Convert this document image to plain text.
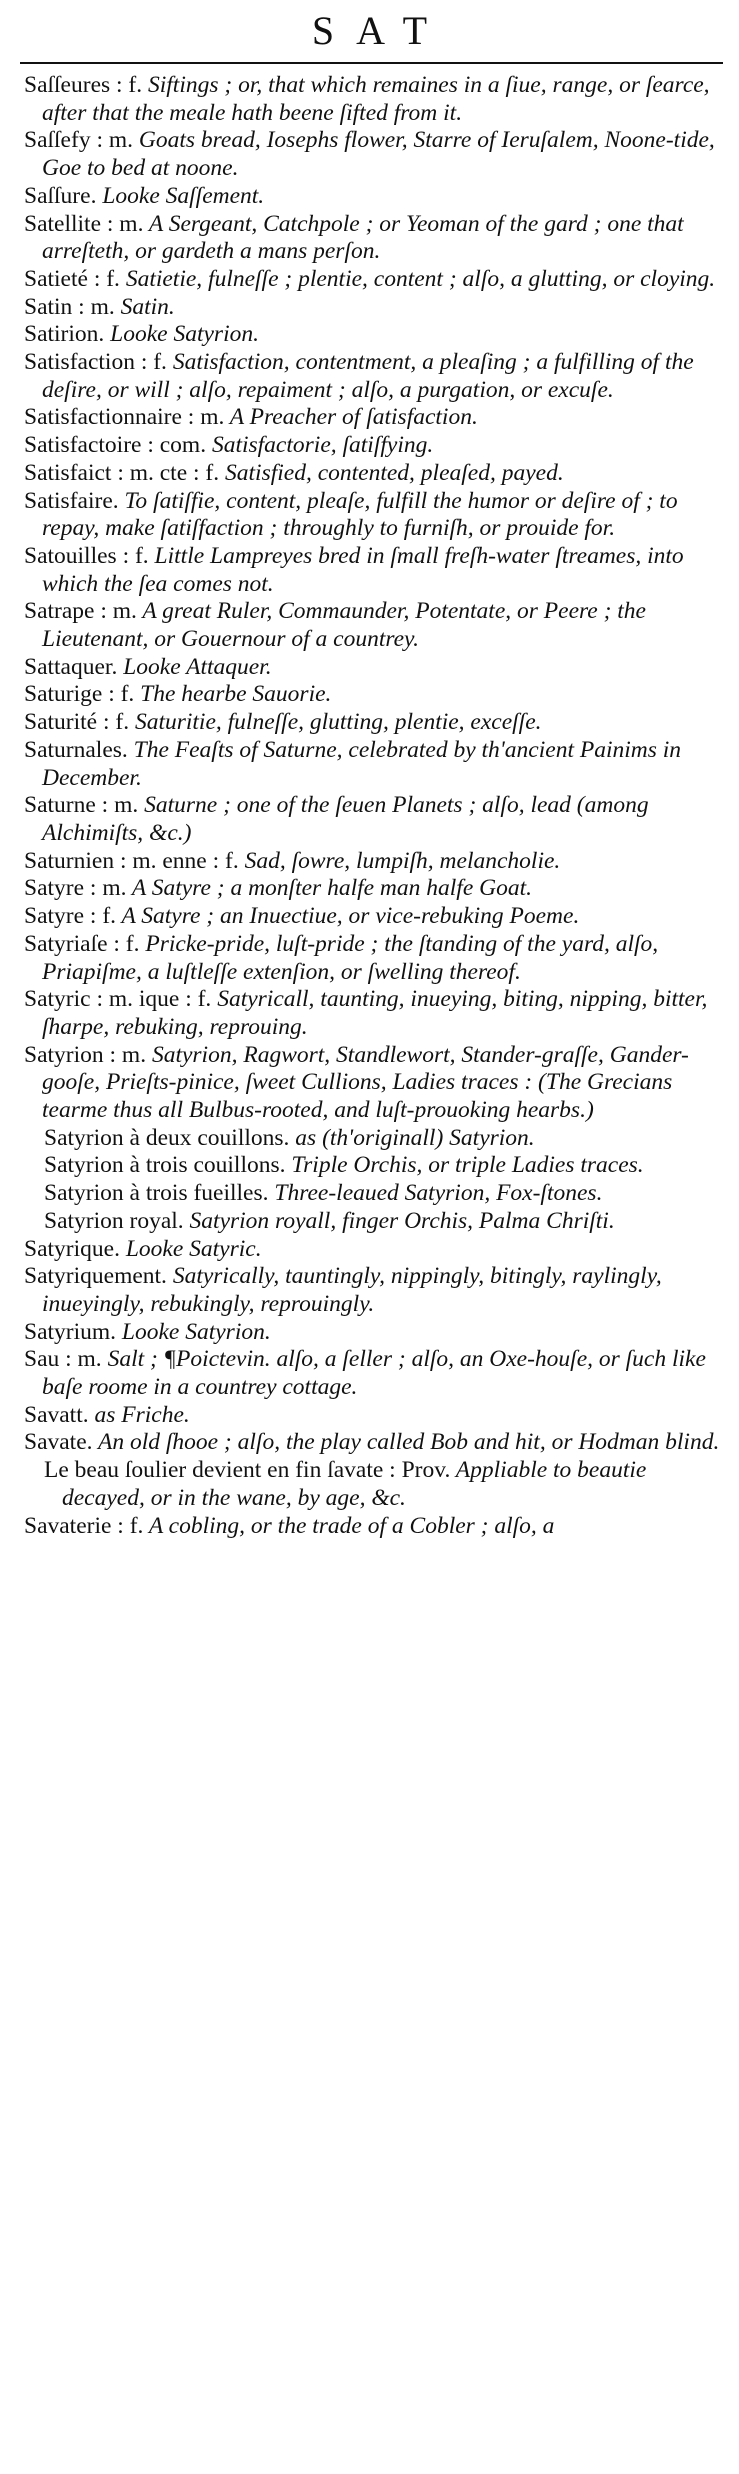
SAT

Saſſeures : f. Siftings ; or, that which remaines in a ſiue, range, or ſearce, after that the meale hath beene ſifted from it.

Saſſefy : m. Goats bread, Iosephs flower, Starre of Ieruſalem, Noone-tide, Goe to bed at noone.

Saſſure. Looke Saſſement.

Satellite : m. A Sergeant, Catchpole ; or Yeoman of the gard ; one that arreſteth, or gardeth a mans perſon.

Satieté : f. Satietie, fulneſſe ; plentie, content ; alſo, a glutting, or cloying.

Satin : m. Satin.

Satirion. Looke Satyrion.

Satisfaction : f. Satisfaction, contentment, a pleaſing ; a fulfilling of the deſire, or will ; alſo, repaiment ; alſo, a purgation, or excuſe.

Satisfactionnaire : m. A Preacher of ſatisfaction.

Satisfactoire : com. Satisfactorie, ſatiſfying.

Satisfaict : m. cte : f. Satisfied, contented, pleaſed, payed.

Satisfaire. To ſatiſfie, content, pleaſe, fulfill the humor or deſire of ; to repay, make ſatiſfaction ; throughly to furniſh, or prouide for.

Satouilles : f. Little Lampreyes bred in ſmall freſh-water ſtreames, into which the ſea comes not.

Satrape : m. A great Ruler, Commaunder, Potentate, or Peere ; the Lieutenant, or Gouernour of a countrey.

Sattaquer. Looke Attaquer.

Saturige : f. The hearbe Sauorie.

Saturité : f. Saturitie, fulneſſe, glutting, plentie, exceſſe.

Saturnales. The Feaſts of Saturne, celebrated by th'ancient Painims in December.

Saturne : m. Saturne ; one of the ſeuen Planets ; alſo, lead (among Alchimiſts, &c.)

Saturnien : m. enne : f. Sad, ſowre, lumpiſh, melancholie.

Satyre : m. A Satyre ; a monſter halfe man halfe Goat.

Satyre : f. A Satyre ; an Inuectiue, or vice-rebuking Poeme.

Satyriaſe : f. Pricke-pride, luſt-pride ; the ſtanding of the yard, alſo, Priapiſme, a luſtleſſe extenſion, or ſwelling thereof.

Satyric : m. ique : f. Satyricall, taunting, inueying, biting, nipping, bitter, ſharpe, rebuking, reprouing.

Satyrion : m. Satyrion, Ragwort, Standlewort, Stander-graſſe, Gander-gooſe, Prieſts-pinice, ſweet Cullions, Ladies traces : (The Grecians tearme thus all Bulbus-rooted, and luſt-prouoking hearbs.)

Satyrion à deux couillons. as (th'originall) Satyrion.

Satyrion à trois couillons. Triple Orchis, or triple Ladies traces.

Satyrion à trois fueilles. Three-leaued Satyrion, Fox-ſtones.

Satyrion royal. Satyrion royall, finger Orchis, Palma Chriſti.

Satyrique. Looke Satyric.

Satyriquement. Satyrically, tauntingly, nippingly, bitingly, raylingly, inueyingly, rebukingly, reprouingly.

Satyrium. Looke Satyrion.

Sau : m. Salt ; ¶Poictevin. alſo, a ſeller ; alſo, an Oxe-houſe, or ſuch like baſe roome in a countrey cottage.

Savatt. as Friche.

Savate. An old ſhooe ; alſo, the play called Bob and hit, or Hodman blind.

Le beau ſoulier devient en fin ſavate : Prov. Appliable to beautie decayed, or in the wane, by age, &c.

Savaterie : f. A cobling, or the trade of a Cobler ; alſo, a
